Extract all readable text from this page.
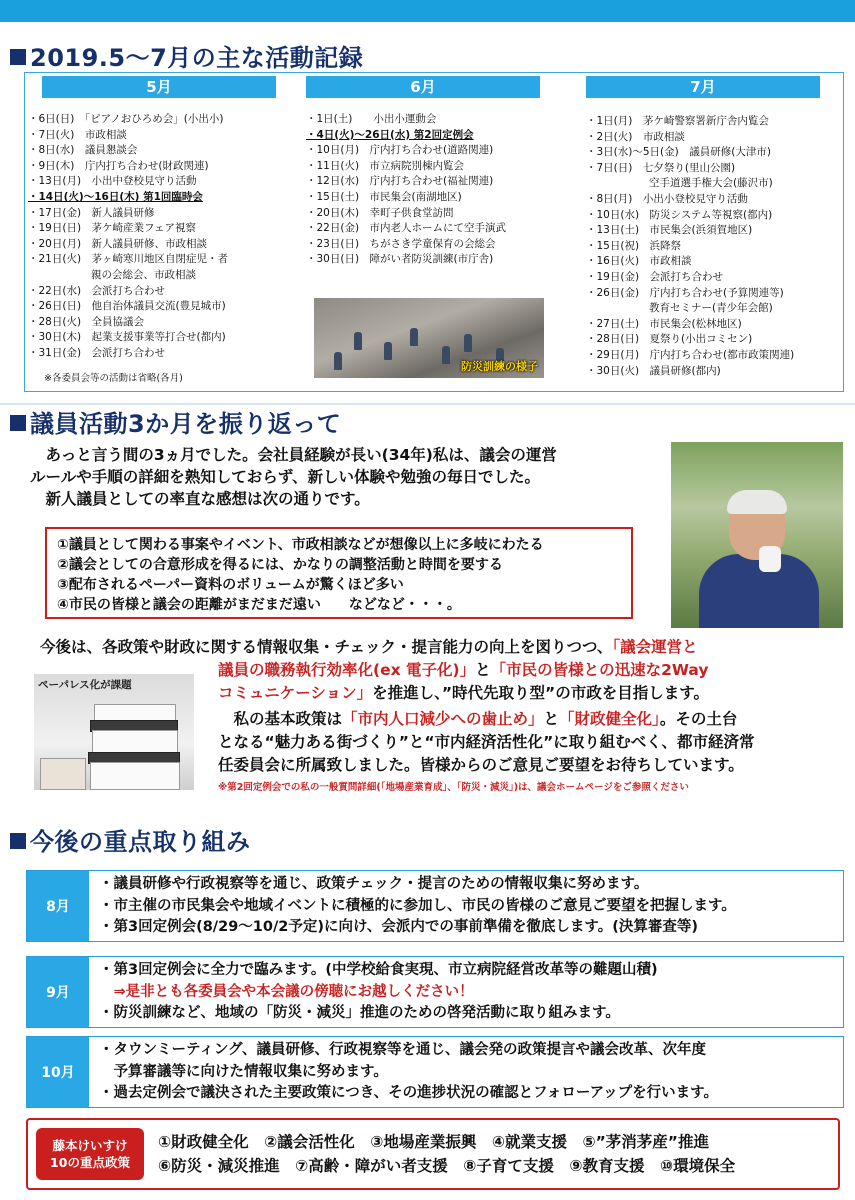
2019.5～7月の主な活動記録
5月
・6日(日)　「ピアノおひろめ会」(小出小)
・7日(火)　市政相談
・8日(水)　議員懇談会
・9日(木)　庁内打ち合わせ(財政関連)
・13日(月)　小出中登校見守り活動
・14日(火)～16日(木) 第1回臨時会
・17日(金)　新人議員研修
・19日(日)　茅ケ崎産業フェア視察
・20日(月)　新人議員研修、市政相談
・21日(火)　茅ヶ崎寒川地区自閉症児・者
　　　　　　親の会総会、市政相談
・22日(水)　会派打ち合わせ
・26日(日)　他自治体議員交流(豊見城市)
・28日(火)　全員協議会
・30日(木)　起業支援事業等打合せ(都内)
・31日(金)　会派打ち合わせ
※各委員会等の活動は省略(各月)
6月
・1日(土)　　小出小運動会
・4日(火)～26日(水) 第2回定例会
・10日(月)　庁内打ち合わせ(道路関連)
・11日(火)　市立病院別棟内覧会
・12日(水)　庁内打ち合わせ(福祉関連)
・15日(土)　市民集会(南湖地区)
・20日(木)　幸町子供食堂訪問
・22日(金)　市内老人ホームにて空手演武
・23日(日)　ちがさき学童保育の会総会
・30日(日)　障がい者防災訓練(市庁舎)
防災訓練の様子
7月
・1日(月)　茅ケ崎警察署新庁舎内覧会
・2日(火)　市政相談
・3日(水)～5日(金)　議員研修(大津市)
・7日(日)　七夕祭り(里山公園)
　　　　　　空手道選手権大会(藤沢市)
・8日(月)　小出小登校見守り活動
・10日(水)　防災システム等視察(都内)
・13日(土)　市民集会(浜須賀地区)
・15日(祝)　浜降祭
・16日(火)　市政相談
・19日(金)　会派打ち合わせ
・26日(金)　庁内打ち合わせ(予算関連等)
　　　　　　教育セミナー(青少年会館)
・27日(土)　市民集会(松林地区)
・28日(日)　夏祭り(小出コミセン)
・29日(月)　庁内打ち合わせ(都市政策関連)
・30日(火)　議員研修(都内)
議員活動3か月を振り返って

　あっと言う間の3ヵ月でした。会社員経験が長い(34年)私は、議会の運営

ルールや手順の詳細を熟知しておらず、新しい体験や勉強の毎日でした。

　新人議員としての率直な感想は次の通りです。

①議員として関わる事案やイベント、市政相談などが想像以上に多岐にわたる
②議会としての合意形成を得るには、かなりの調整活動と時間を要する
③配布されるペーパー資料のボリュームが驚くほど多い
④市民の皆様と議会の距離がまだまだ遠い　　などなど・・・。
今後は、各政策や財政に関する情報収集・チェック・提言能力の向上を図りつつ、「議会運営と
議員の職務執行効率化(ex 電子化)」と「市民の皆様との迅速な2Way
コミュニケーション」を推進し、”時代先取り型”の市政を目指します。
　私の基本政策は「市内人口減少への歯止め」と「財政健全化」。その土台
となる“魅力ある街づくり”と“市内経済活性化”に取り組むべく、都市経済常
任委員会に所属致しました。皆様からのご意見ご要望をお待ちしています。
ペーパレス化が課題
※第2回定例会での私の一般質問詳細(「地場産業育成」、「防災・減災」)は、議会ホームページをご参照ください
今後の重点取り組み
8月
・議員研修や行政視察等を通じ、政策チェック・提言のための情報収集に努めます。
・市主催の市民集会や地域イベントに積極的に参加し、市民の皆様のご意見ご要望を把握します。
・第3回定例会(8/29～10/2予定)に向け、会派内での事前準備を徹底します。(決算審査等)
9月
・第3回定例会に全力で臨みます。(中学校給食実現、市立病院経営改革等の難題山積)
　⇒是非とも各委員会や本会議の傍聴にお越しください！
・防災訓練など、地域の「防災・減災」推進のための啓発活動に取り組みます。
10月
・タウンミーティング、議員研修、行政視察等を通じ、議会発の政策提言や議会改革、次年度
　予算審議等に向けた情報収集に努めます。
・過去定例会で議決された主要政策につき、その進捗状況の確認とフォローアップを行います。
藤本けいすけ
10の重点政策
①財政健全化　②議会活性化　③地場産業振興　④就業支援　⑤”茅消茅産”推進
⑥防災・減災推進　⑦高齢・障がい者支援　⑧子育て支援　⑨教育支援　⑩環境保全
